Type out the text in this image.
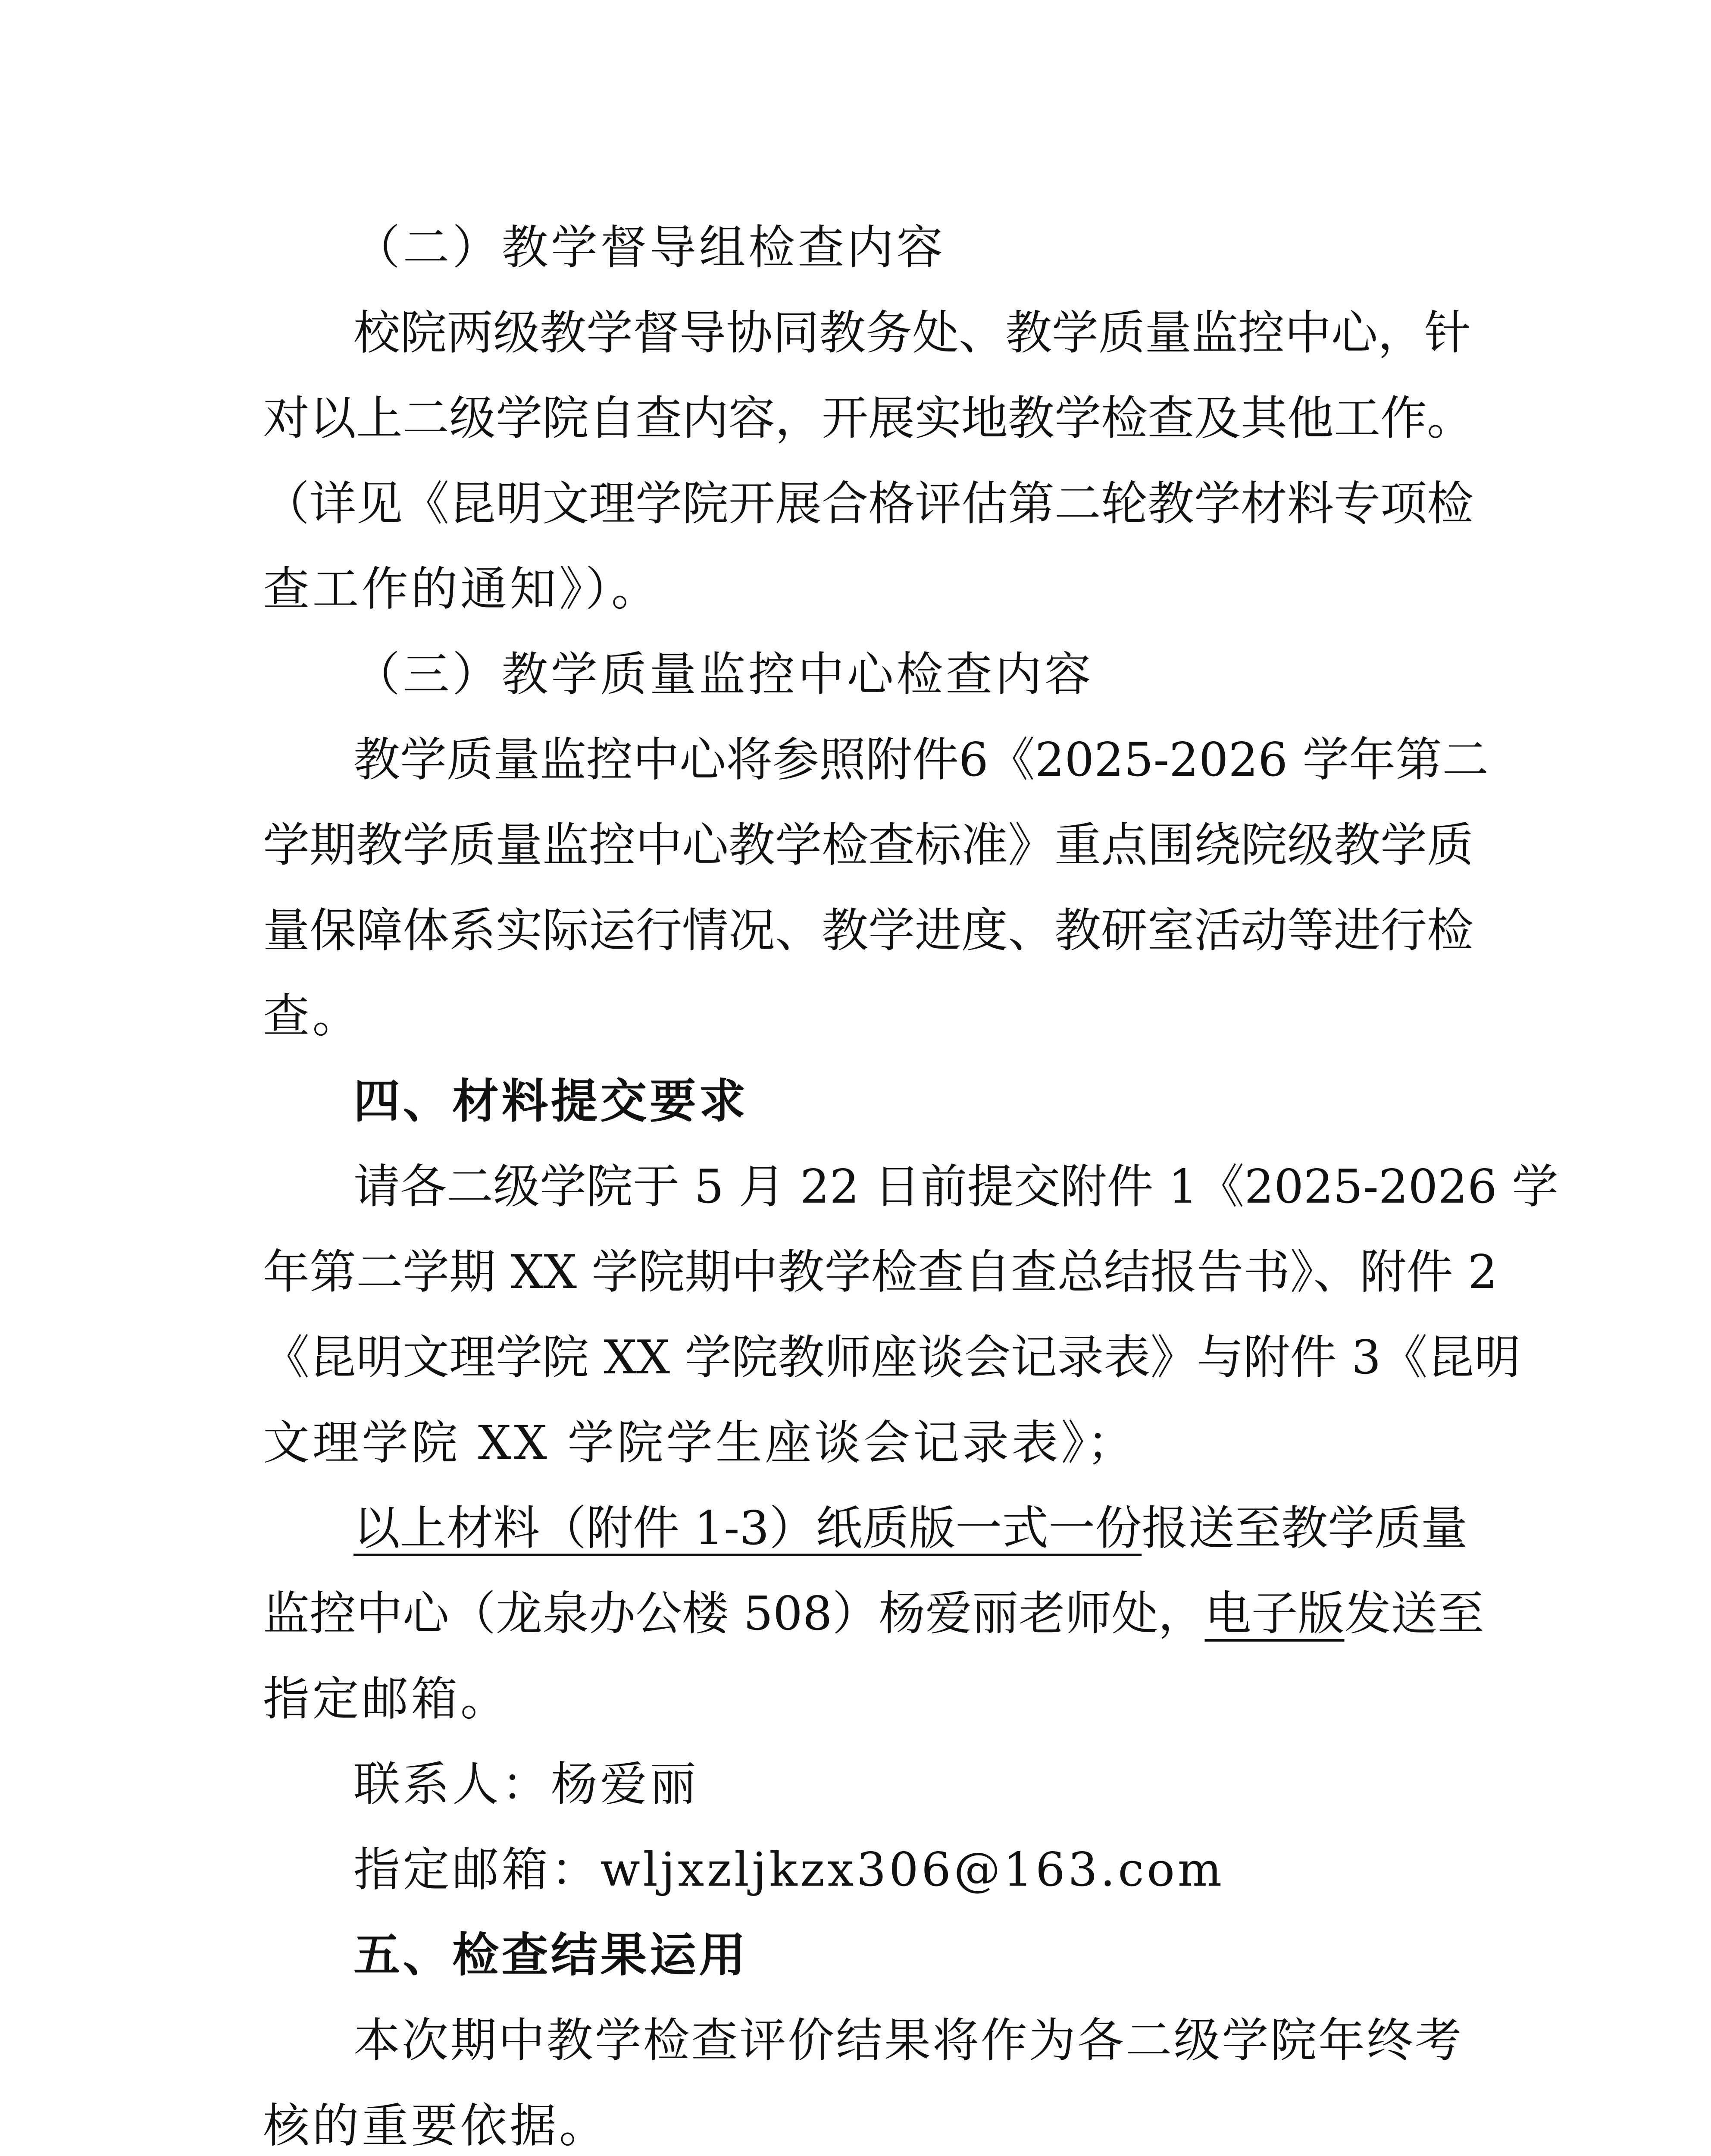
（二）教学督导组检查内容
校院两级教学督导协同教务处、教学质量监控中心，针
对以上二级学院自查内容，开展实地教学检查及其他工作。
（详见《昆明文理学院开展合格评估第二轮教学材料专项检
查工作的通知》）。
（三）教学质量监控中心检查内容
教学质量监控中心将参照附件6《2025-2026 学年第二
学期教学质量监控中心教学检查标准》重点围绕院级教学质
量保障体系实际运行情况、教学进度、教研室活动等进行检
查。
四、材料提交要求
请各二级学院于 5 月 22 日前提交附件 1《2025-2026 学
年第二学期 XX 学院期中教学检查自查总结报告书》、附件 2
《昆明文理学院 XX 学院教师座谈会记录表》与附件 3《昆明
文理学院 XX 学院学生座谈会记录表》；
指定邮箱。
联系人：杨爱丽
指定邮箱：wljxzljkzx306@163.com
五、检查结果运用
本次期中教学检查评价结果将作为各二级学院年终考
核的重要依据。
以上材料（附件 1-3）纸质版一式一份报送至教学质量
监控中心（龙泉办公楼 508）杨爱丽老师处，电子版发送至
